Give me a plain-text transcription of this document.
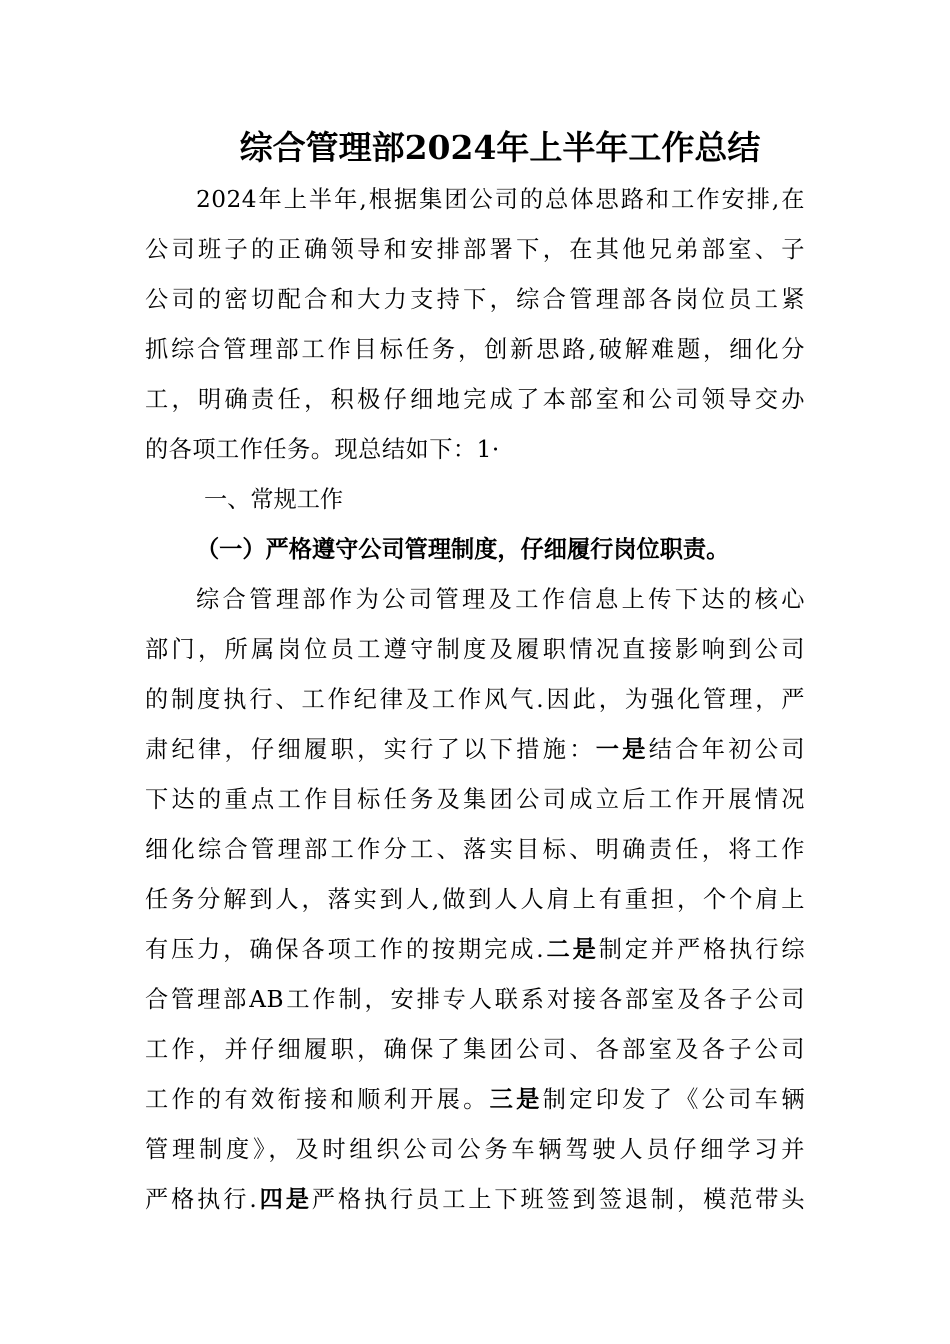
综合管理部2024年上半年工作总结
2024年上半年,根据集团公司的总体思路和工作安排,在
公司班子的正确领导和安排部署下，在其他兄弟部室、子
公司的密切配合和大力支持下，综合管理部各岗位员工紧
抓综合管理部工作目标任务，创新思路,破解难题，细化分
工，明确责任，积极仔细地完成了本部室和公司领导交办
的各项工作任务。现总结如下：1·
一、常规工作
（一）严格遵守公司管理制度，仔细履行岗位职责。
综合管理部作为公司管理及工作信息上传下达的核心
部门，所属岗位员工遵守制度及履职情况直接影响到公司
的制度执行、工作纪律及工作风气.因此，为强化管理，严
肃纪律，仔细履职，实行了以下措施：一是结合年初公司
下达的重点工作目标任务及集团公司成立后工作开展情况
细化综合管理部工作分工、落实目标、明确责任，将工作
任务分解到人，落实到人,做到人人肩上有重担，个个肩上
有压力，确保各项工作的按期完成.二是制定并严格执行综
合管理部AB工作制，安排专人联系对接各部室及各子公司
工作，并仔细履职，确保了集团公司、各部室及各子公司
工作的有效衔接和顺利开展。三是制定印发了《公司车辆
管理制度》，及时组织公司公务车辆驾驶人员仔细学习并
严格执行.四是严格执行员工上下班签到签退制，模范带头
